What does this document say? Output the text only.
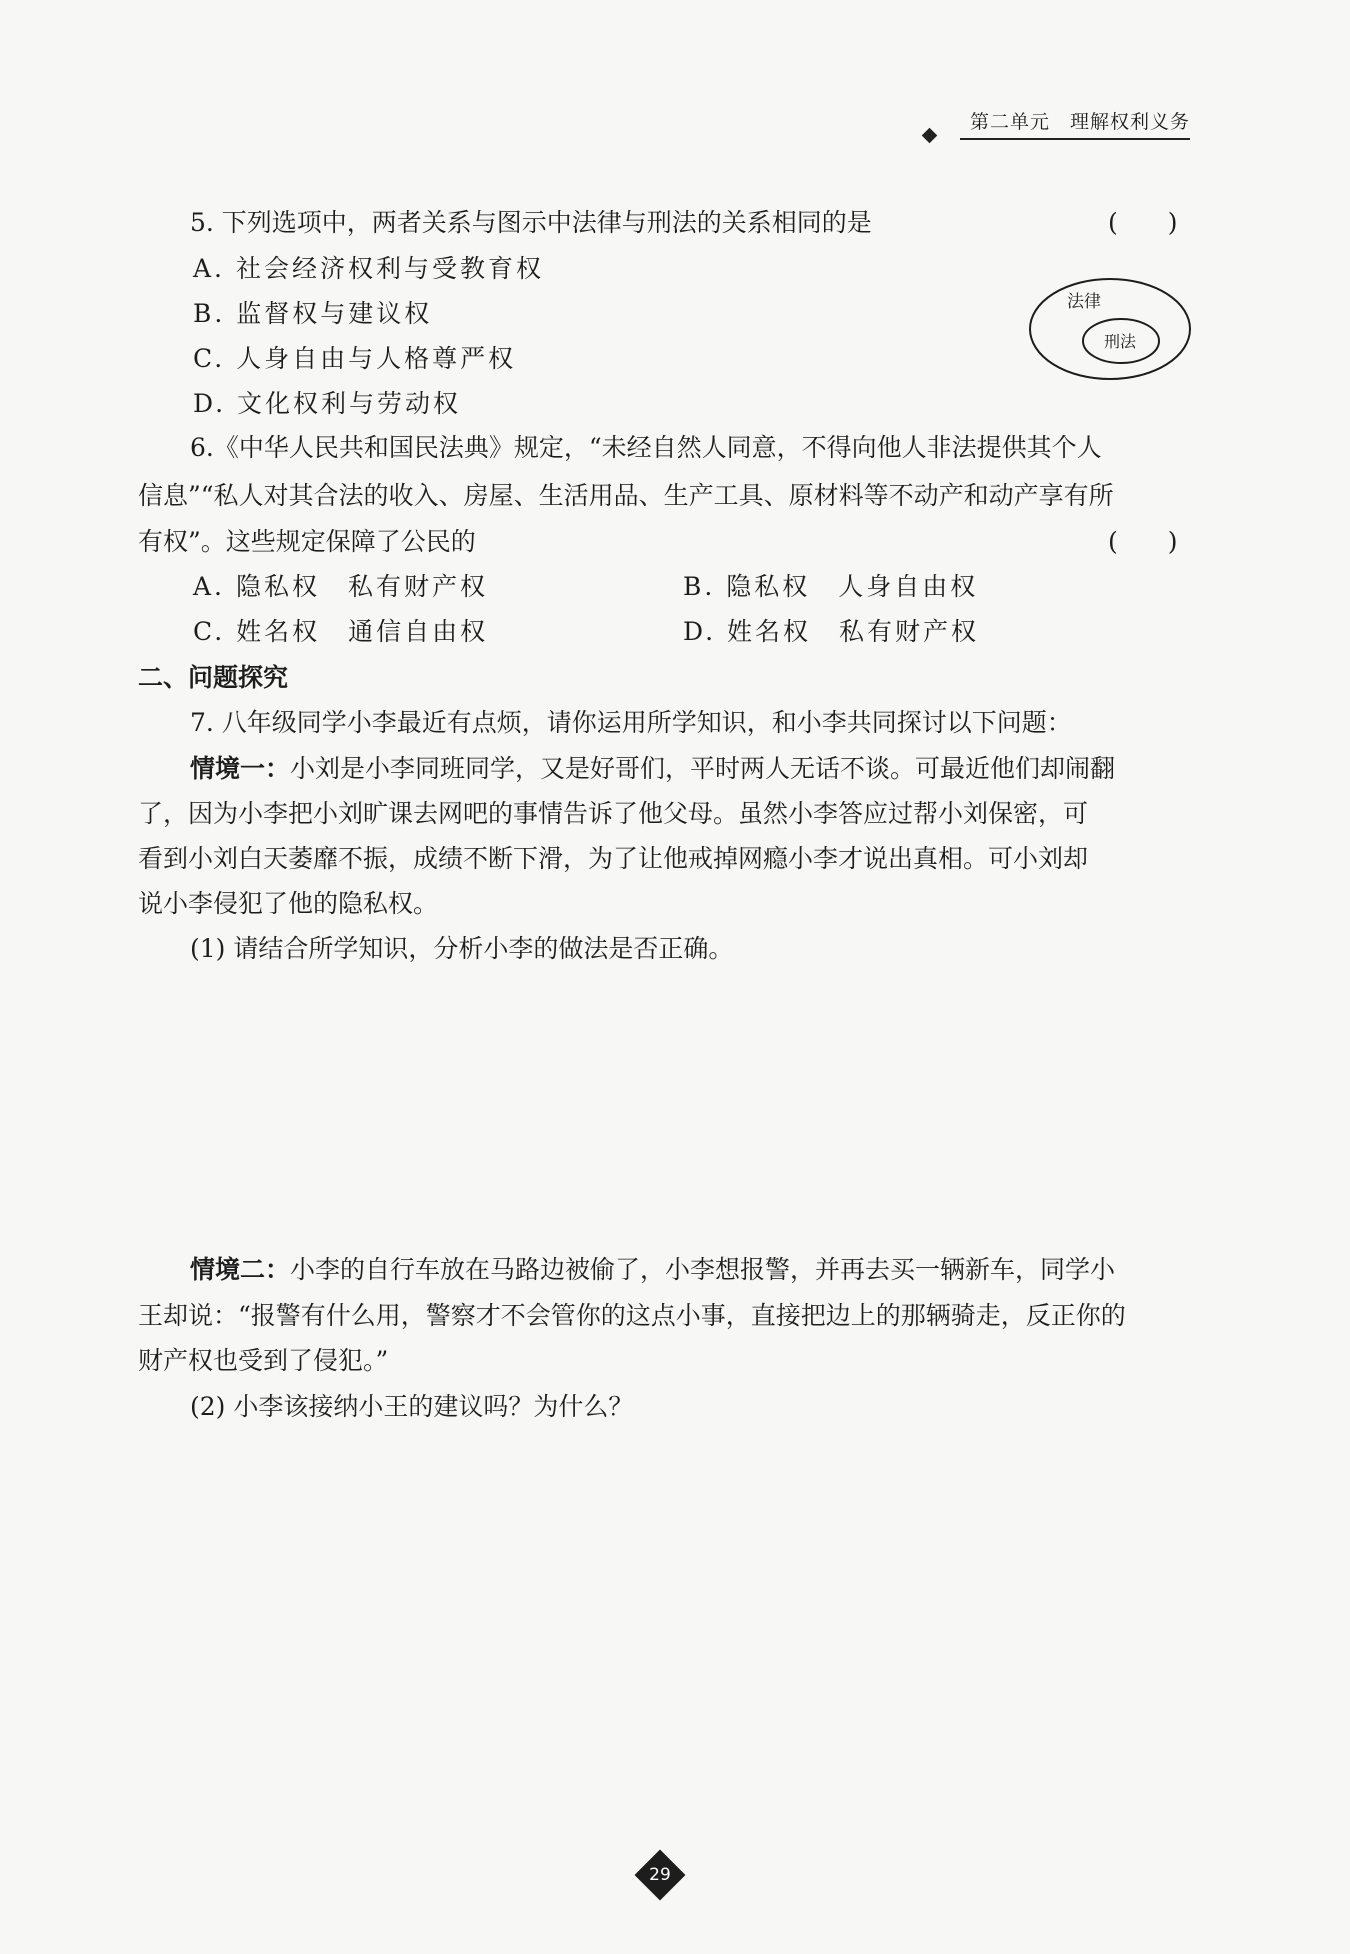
第二单元　理解权利义务
5. 下列选项中，两者关系与图示中法律与刑法的关系相同的是	(　　)
A. 社会经济权利与受教育权
B. 监督权与建议权
C. 人身自由与人格尊严权
D. 文化权利与劳动权
法律
刑法
6.《中华人民共和国民法典》规定，“未经自然人同意，不得向他人非法提供其个人
信息”“私人对其合法的收入、房屋、生活用品、生产工具、原材料等不动产和动产享有所
有权”。这些规定保障了公民的	(　　)
A. 隐私权　私有财产权	B. 隐私权　人身自由权
C. 姓名权　通信自由权	D. 姓名权　私有财产权
二、问题探究
7. 八年级同学小李最近有点烦，请你运用所学知识，和小李共同探讨以下问题：
情境一：小刘是小李同班同学，又是好哥们，平时两人无话不谈。可最近他们却闹翻
了，因为小李把小刘旷课去网吧的事情告诉了他父母。虽然小李答应过帮小刘保密，可
看到小刘白天萎靡不振，成绩不断下滑，为了让他戒掉网瘾小李才说出真相。可小刘却
说小李侵犯了他的隐私权。
(1) 请结合所学知识，分析小李的做法是否正确。
情境二：小李的自行车放在马路边被偷了，小李想报警，并再去买一辆新车，同学小
王却说：“报警有什么用，警察才不会管你的这点小事，直接把边上的那辆骑走，反正你的
财产权也受到了侵犯。”
(2) 小李该接纳小王的建议吗？为什么？
29
